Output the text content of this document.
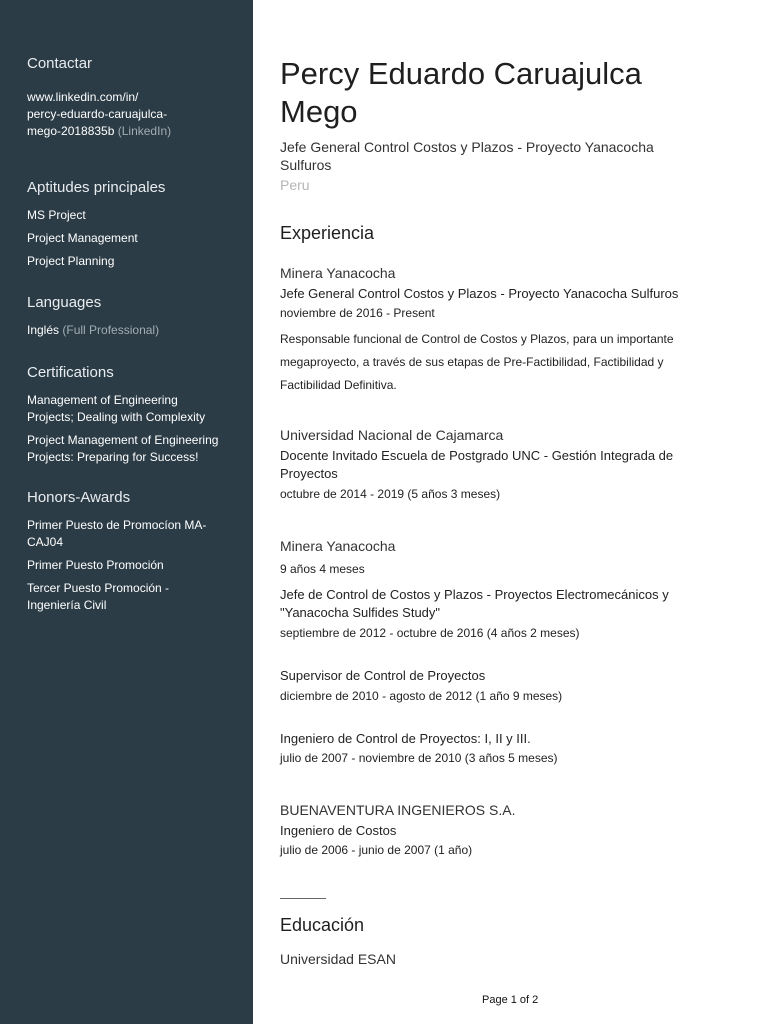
Contactar
www.linkedin.com/in/
percy-eduardo-caruajulca-
mego-2018835b (LinkedIn)
Aptitudes principales
MS Project
Project Management
Project Planning
Languages
Inglés (Full Professional)
Certifications
Management of Engineering
Projects; Dealing with Complexity
Project Management of Engineering
Projects: Preparing for Success!
Honors-Awards
Primer Puesto de Promocíon MA-
CAJ04
Primer Puesto Promoción
Tercer Puesto Promoción -
Ingeniería Civil
Percy Eduardo Caruajulca
Mego
Jefe General Control Costos y Plazos - Proyecto Yanacocha
Sulfuros
Peru
Experiencia
Minera Yanacocha
Jefe General Control Costos y Plazos - Proyecto Yanacocha Sulfuros
noviembre de 2016 - Present
Responsable funcional de Control de Costos y Plazos, para un importante
megaproyecto, a través de sus etapas de Pre-Factibilidad, Factibilidad y
Factibilidad Definitiva.
Universidad Nacional de Cajamarca
Docente Invitado Escuela de Postgrado UNC - Gestión Integrada de
Proyectos
octubre de 2014 - 2019 (5 años 3 meses)
Minera Yanacocha
9 años 4 meses
Jefe de Control de Costos y Plazos - Proyectos Electromecánicos y
"Yanacocha Sulfides Study"
septiembre de 2012 - octubre de 2016 (4 años 2 meses)
Supervisor de Control de Proyectos
diciembre de 2010 - agosto de 2012 (1 año 9 meses)
Ingeniero de Control de Proyectos: I, II y III.
julio de 2007 - noviembre de 2010 (3 años 5 meses)
BUENAVENTURA INGENIEROS S.A.
Ingeniero de Costos
julio de 2006 - junio de 2007 (1 año)
Educación
Universidad ESAN
Page 1 of 2
